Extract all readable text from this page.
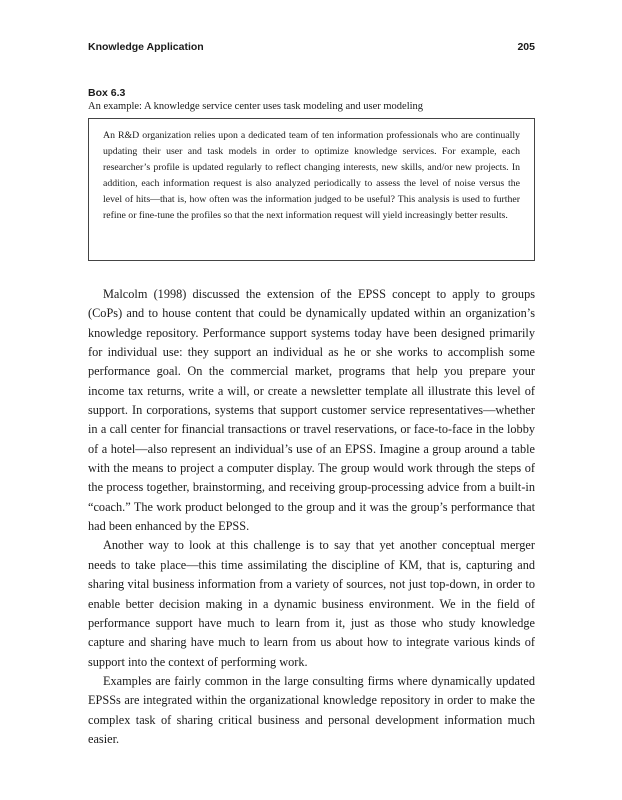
Knowledge Application	205
Box 6.3
An example: A knowledge service center uses task modeling and user modeling

An R&D organization relies upon a dedicated team of ten information professionals who are continually updating their user and task models in order to optimize knowledge services. For example, each researcher’s profile is updated regularly to reflect changing interests, new skills, and/or new projects. In addition, each information request is also analyzed periodically to assess the level of noise versus the level of hits—that is, how often was the information judged to be useful? This analysis is used to further refine or fine-tune the profiles so that the next information request will yield increasingly better results.

Malcolm (1998) discussed the extension of the EPSS concept to apply to groups (CoPs) and to house content that could be dynamically updated within an organization’s knowledge repository. Performance support systems today have been designed primarily for individual use: they support an individual as he or she works to accomplish some performance goal. On the commercial market, programs that help you prepare your income tax returns, write a will, or create a newsletter template all illustrate this level of support. In corporations, systems that support customer service representatives—whether in a call center for financial transactions or travel reservations, or face-to-face in the lobby of a hotel—also represent an individual’s use of an EPSS. Imagine a group around a table with the means to project a computer display. The group would work through the steps of the process together, brainstorming, and receiving group-processing advice from a built-in “coach.” The work product belonged to the group and it was the group’s performance that had been enhanced by the EPSS.

Another way to look at this challenge is to say that yet another conceptual merger needs to take place—this time assimilating the discipline of KM, that is, capturing and sharing vital business information from a variety of sources, not just top-down, in order to enable better decision making in a dynamic business environment. We in the field of performance support have much to learn from it, just as those who study knowledge capture and sharing have much to learn from us about how to integrate various kinds of support into the context of performing work.

Examples are fairly common in the large consulting firms where dynamically updated EPSSs are integrated within the organizational knowledge repository in order to make the complex task of sharing critical business and personal development information much easier.
